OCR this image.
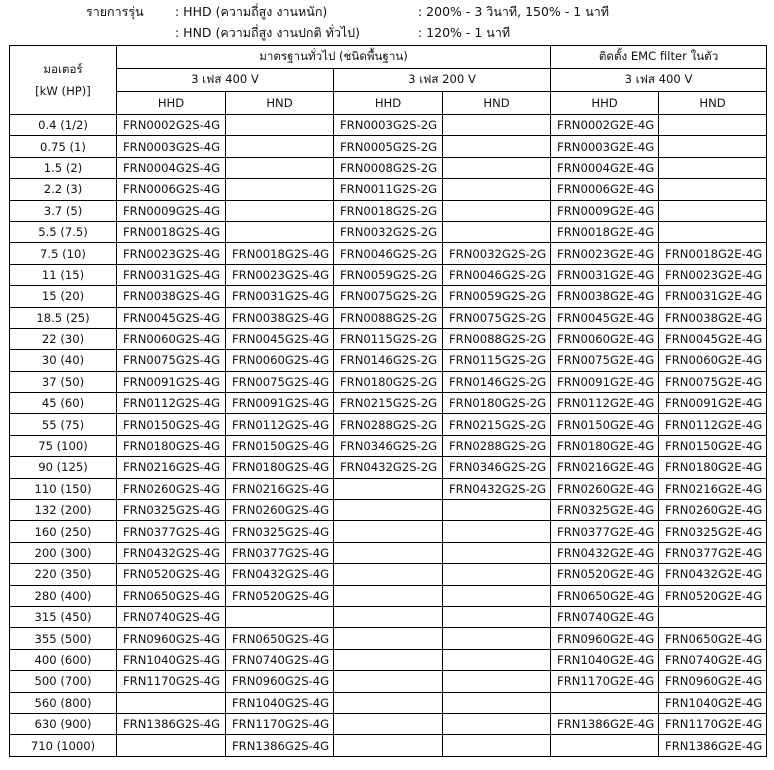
รายการรุ่น	: HHD (ความถี่สูง งานหนัก)	: 200% - 3 วินาที, 150% - 1 นาที
: HND (ความถี่สูง งานปกติ ทั่วไป)	: 120% - 1 นาที
มอเตอร์
[kW (HP)]	มาตรฐานทั่วไป (ชนิดพื้นฐาน)				ติดตั้ง EMC filter ในตัว	
	3 เฟส 400 V		3 เฟส 200 V		3 เฟส 400 V	
	HHD	HND	HHD	HND	HHD	HND
0.4 (1/2)	FRN0002G2S-4G		FRN0003G2S-2G		FRN0002G2E-4G	
0.75 (1)	FRN0003G2S-4G		FRN0005G2S-2G		FRN0003G2E-4G	
1.5 (2)	FRN0004G2S-4G		FRN0008G2S-2G		FRN0004G2E-4G	
2.2 (3)	FRN0006G2S-4G		FRN0011G2S-2G		FRN0006G2E-4G	
3.7 (5)	FRN0009G2S-4G		FRN0018G2S-2G		FRN0009G2E-4G	
5.5 (7.5)	FRN0018G2S-4G		FRN0032G2S-2G		FRN0018G2E-4G	
7.5 (10)	FRN0023G2S-4G	FRN0018G2S-4G	FRN0046G2S-2G	FRN0032G2S-2G	FRN0023G2E-4G	FRN0018G2E-4G
11 (15)	FRN0031G2S-4G	FRN0023G2S-4G	FRN0059G2S-2G	FRN0046G2S-2G	FRN0031G2E-4G	FRN0023G2E-4G
15 (20)	FRN0038G2S-4G	FRN0031G2S-4G	FRN0075G2S-2G	FRN0059G2S-2G	FRN0038G2E-4G	FRN0031G2E-4G
18.5 (25)	FRN0045G2S-4G	FRN0038G2S-4G	FRN0088G2S-2G	FRN0075G2S-2G	FRN0045G2E-4G	FRN0038G2E-4G
22 (30)	FRN0060G2S-4G	FRN0045G2S-4G	FRN0115G2S-2G	FRN0088G2S-2G	FRN0060G2E-4G	FRN0045G2E-4G
30 (40)	FRN0075G2S-4G	FRN0060G2S-4G	FRN0146G2S-2G	FRN0115G2S-2G	FRN0075G2E-4G	FRN0060G2E-4G
37 (50)	FRN0091G2S-4G	FRN0075G2S-4G	FRN0180G2S-2G	FRN0146G2S-2G	FRN0091G2E-4G	FRN0075G2E-4G
45 (60)	FRN0112G2S-4G	FRN0091G2S-4G	FRN0215G2S-2G	FRN0180G2S-2G	FRN0112G2E-4G	FRN0091G2E-4G
55 (75)	FRN0150G2S-4G	FRN0112G2S-4G	FRN0288G2S-2G	FRN0215G2S-2G	FRN0150G2E-4G	FRN0112G2E-4G
75 (100)	FRN0180G2S-4G	FRN0150G2S-4G	FRN0346G2S-2G	FRN0288G2S-2G	FRN0180G2E-4G	FRN0150G2E-4G
90 (125)	FRN0216G2S-4G	FRN0180G2S-4G	FRN0432G2S-2G	FRN0346G2S-2G	FRN0216G2E-4G	FRN0180G2E-4G
110 (150)	FRN0260G2S-4G	FRN0216G2S-4G		FRN0432G2S-2G	FRN0260G2E-4G	FRN0216G2E-4G
132 (200)	FRN0325G2S-4G	FRN0260G2S-4G			FRN0325G2E-4G	FRN0260G2E-4G
160 (250)	FRN0377G2S-4G	FRN0325G2S-4G			FRN0377G2E-4G	FRN0325G2E-4G
200 (300)	FRN0432G2S-4G	FRN0377G2S-4G			FRN0432G2E-4G	FRN0377G2E-4G
220 (350)	FRN0520G2S-4G	FRN0432G2S-4G			FRN0520G2E-4G	FRN0432G2E-4G
280 (400)	FRN0650G2S-4G	FRN0520G2S-4G			FRN0650G2E-4G	FRN0520G2E-4G
315 (450)	FRN0740G2S-4G				FRN0740G2E-4G	
355 (500)	FRN0960G2S-4G	FRN0650G2S-4G			FRN0960G2E-4G	FRN0650G2E-4G
400 (600)	FRN1040G2S-4G	FRN0740G2S-4G			FRN1040G2E-4G	FRN0740G2E-4G
500 (700)	FRN1170G2S-4G	FRN0960G2S-4G			FRN1170G2E-4G	FRN0960G2E-4G
560 (800)		FRN1040G2S-4G				FRN1040G2E-4G
630 (900)	FRN1386G2S-4G	FRN1170G2S-4G			FRN1386G2E-4G	FRN1170G2E-4G
710 (1000)		FRN1386G2S-4G				FRN1386G2E-4G
